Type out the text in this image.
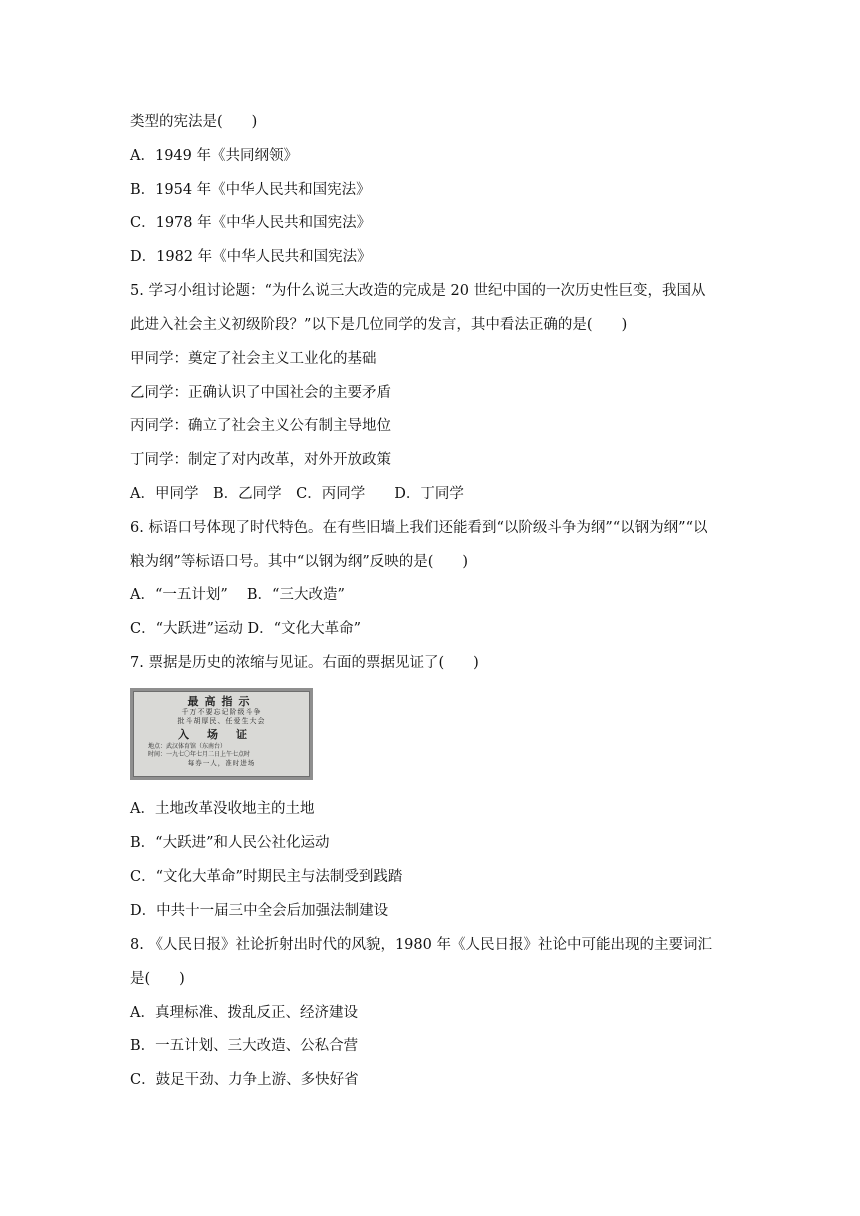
类型的宪法是(　　)
A．1949 年《共同纲领》
B．1954 年《中华人民共和国宪法》
C．1978 年《中华人民共和国宪法》
D．1982 年《中华人民共和国宪法》
5. 学习小组讨论题：“为什么说三大改造的完成是 20 世纪中国的一次历史性巨变，我国从
此进入社会主义初级阶段？”以下是几位同学的发言，其中看法正确的是(　　)
甲同学：奠定了社会主义工业化的基础
乙同学：正确认识了中国社会的主要矛盾
丙同学：确立了社会主义公有制主导地位
丁同学：制定了对内改革，对外开放政策
A．甲同学　B．乙同学　C．丙同学　　D．丁同学
6. 标语口号体现了时代特色。在有些旧墙上我们还能看到“以阶级斗争为纲”“以钢为纲”“以
粮为纲”等标语口号。其中“以钢为纲”反映的是(　　)
A．“一五计划”　 B．“三大改造”
C．“大跃进”运动 D．“文化大革命”
7. 票据是历史的浓缩与见证。右面的票据见证了(　　)
最高指示
千万不要忘记阶级斗争
批斗胡厚民、任爱生大会
入场证
地点：武汉体育馆（东南台）
时间：一九七〇年七月二日上午七点时
每券一人，准时进场
A．土地改革没收地主的土地
B．“大跃进”和人民公社化运动
C．“文化大革命”时期民主与法制受到践踏
D．中共十一届三中全会后加强法制建设
8. 《人民日报》社论折射出时代的风貌，1980 年《人民日报》社论中可能出现的主要词汇
是(　　)
A．真理标准、拨乱反正、经济建设
B．一五计划、三大改造、公私合营
C．鼓足干劲、力争上游、多快好省
